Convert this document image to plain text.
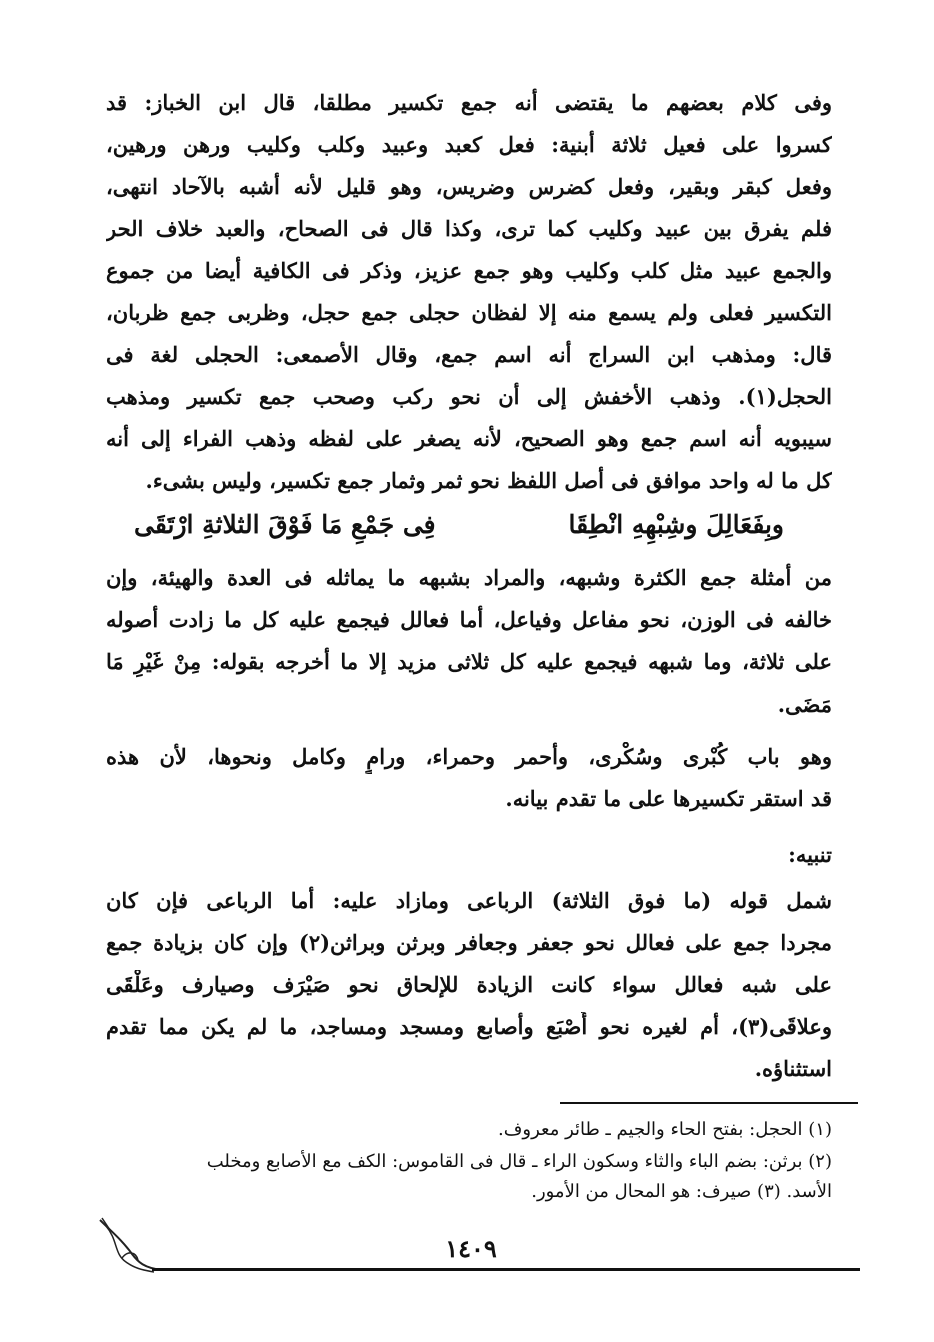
وفى كلام بعضهم ما يقتضى أنه جمع تكسير مطلقا، قال ابن الخباز: قد
كسروا على فعيل ثلاثة أبنية: فعل كعبد وعبيد وكلب وكليب ورهن ورهين،
وفعل كبقر وبقير، وفعل كضرس وضريس، وهو قليل لأنه أشبه بالآحاد انتهى،
فلم يفرق بين عبيد وكليب كما ترى، وكذا قال فى الصحاح، والعبد خلاف الحر
والجمع عبيد مثل كلب وكليب وهو جمع عزيز، وذكر فى الكافية أيضا من جموع
التكسير فعلى ولم يسمع منه إلا لفظان حجلى جمع حجل، وظربى جمع ظربان،
قال: ومذهب ابن السراج أنه اسم جمع، وقال الأصمعى: الحجلى لغة فى
الحجل(١). وذهب الأخفش إلى أن نحو ركب وصحب جمع تكسير ومذهب
سيبويه أنه اسم جمع وهو الصحيح، لأنه يصغر على لفظه وذهب الفراء إلى أنه
كل ما له واحد موافق فى أصل اللفظ نحو ثمر وثمار جمع تكسير، وليس بشىء.
وبِفَعَالِلَ وشِبْهِهِ انْطِقَا
فِى جَمْعِ مَا فَوْقَ الثلاثةِ ارْتَقَى
من أمثلة جمع الكثرة وشبهه، والمراد بشبهه ما يماثله فى العدة والهيئة، وإن
خالفه فى الوزن، نحو مفاعل وفياعل، أما فعالل فيجمع عليه كل ما زادت أصوله
على ثلاثة، وما شبهه فيجمع عليه كل ثلاثى مزيد إلا ما أخرجه بقوله: مِنْ غَيْرِ مَا
مَضَى.
وهو باب كُبْرى وسُكْرى، وأحمر وحمراء، ورامٍ وكامل ونحوها، لأن هذه
قد استقر تكسيرها على ما تقدم بيانه.
تنبيه:
شمل قوله (ما فوق الثلاثة) الرباعى ومازاد عليه: أما الرباعى فإن كان
مجردا جمع على فعالل نحو جعفر وجعافر وبرثن وبراثن(٢) وإن كان بزيادة جمع
على شبه فعالل سواء كانت الزيادة للإلحاق نحو صَيْرَف وصيارف وعَلْقَى
وعلاقَى(٣)، أم لغيره نحو أَصْبَع وأصابع ومسجد ومساجد، ما لم يكن مما تقدم
استثناؤه.
(١) الحجل: بفتح الحاء والجيم ـ طائر معروف.
(٢) برثن: بضم الباء والثاء وسكون الراء ـ قال فى القاموس: الكف مع الأصابع ومخلب
الأسد. (٣) صيرف: هو المحال من الأمور.
١٤٠٩
